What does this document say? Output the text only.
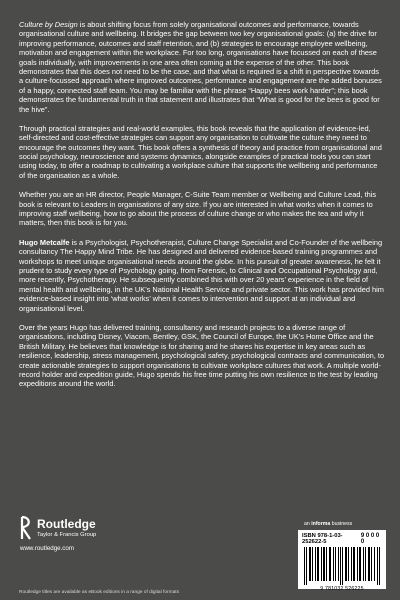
Culture by Design is about shifting focus from solely organisational outcomes and performance, towards organisational culture and wellbeing. It bridges the gap between two key organisational goals: (a) the drive for improving performance, outcomes and staff retention, and (b) strategies to encourage employee wellbeing, motivation and engagement within the workplace. For too long, organisations have focussed on each of these goals individually, with improvements in one area often coming at the expense of the other. This book demonstrates that this does not need to be the case, and that what is required is a shift in perspective towards a culture-focussed approach where improved outcomes, performance and engagement are the added bonuses of a happy, connected staff team. You may be familiar with the phrase “Happy bees work harder”; this book demonstrates the fundamental truth in that statement and illustrates that “What is good for the bees is good for the hive”.

Through practical strategies and real-world examples, this book reveals that the application of evidence-led, self-directed and cost-effective strategies can support any organisation to cultivate the culture they need to encourage the outcomes they want. This book offers a synthesis of theory and practice from organisational and social psychology, neuroscience and systems dynamics, alongside examples of practical tools you can start using today, to offer a roadmap to cultivating a workplace culture that supports the wellbeing and performance of the organisation as a whole.

Whether you are an HR director, People Manager, C-Suite Team member or Wellbeing and Culture Lead, this book is relevant to Leaders in organisations of any size. If you are interested in what works when it comes to improving staff wellbeing, how to go about the process of culture change or who makes the tea and why it matters, then this book is for you.

Hugo Metcalfe is a Psychologist, Psychotherapist, Culture Change Specialist and Co-Founder of the wellbeing consultancy The Happy Mind Tribe. He has designed and delivered evidence-based training programmes and workshops to meet unique organisational needs around the globe. In his pursuit of greater awareness, he felt it prudent to study every type of Psychology going, from Forensic, to Clinical and Occupational Psychology and, more recently, Psychotherapy. He subsequently combined this with over 20 years’ experience in the field of mental health and wellbeing, in the UK’s National Health Service and private sector. This work has provided him evidence-based insight into ‘what works’ when it comes to intervention and support at an individual and organisational level.

Over the years Hugo has delivered training, consultancy and research projects to a diverse range of organisations, including Disney, Viacom, Bentley, GSK, the Council of Europe, the UK’s Home Office and the British Military. He believes that knowledge is for sharing and he shares his expertise in key areas such as resilience, leadership, stress management, psychological safety, psychological contracts and communication, to create actionable strategies to support organisations to cultivate workplace cultures that work. A multiple world-record holder and expedition guide, Hugo spends his free time putting his own resilience to the test by leading expeditions around the world.

Routledge
Taylor & Francis Group
www.routledge.com
an informa business
ISBN 978-1-03-252622-5
9 0 0 0 0
9 781032 526225
Routledge titles are available as eBook editions in a range of digital formats
